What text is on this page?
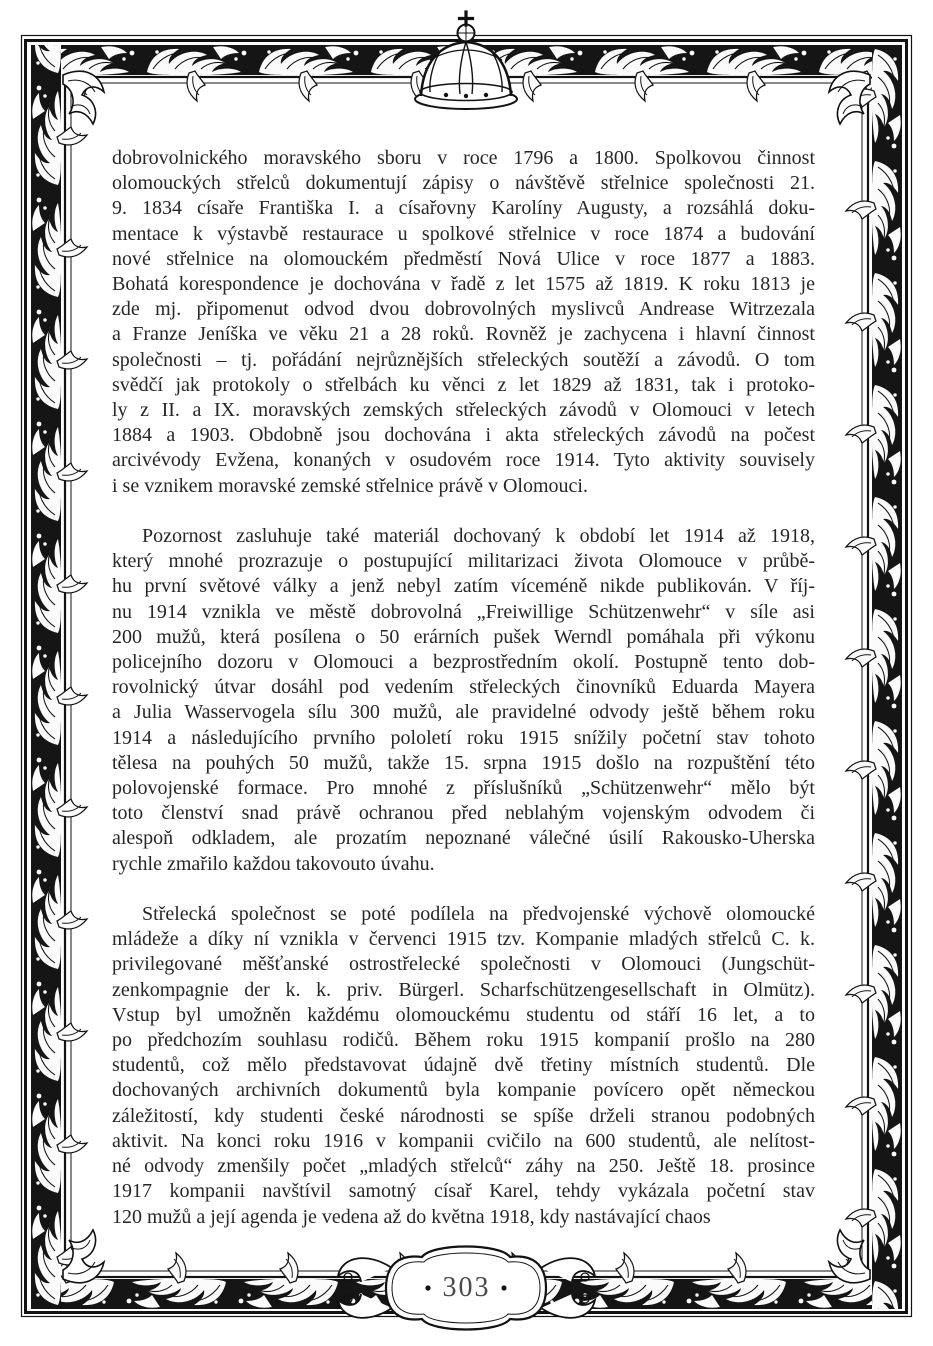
dobrovolnického moravského sboru v roce 1796 a 1800. Spolkovou činnost
olomouckých střelců dokumentují zápisy o návštěvě střelnice společnosti 21.
9. 1834 císaře Františka I. a císařovny Karolíny Augusty, a rozsáhlá doku-
mentace k výstavbě restaurace u spolkové střelnice v roce 1874 a budování
nové střelnice na olomouckém předměstí Nová Ulice v roce 1877 a 1883.
Bohatá korespondence je dochována v řadě z let 1575 až 1819. K roku 1813 je
zde mj. připomenut odvod dvou dobrovolných myslivců Andrease Witrzezala
a Franze Jeníška ve věku 21 a 28 roků. Rovněž je zachycena i hlavní činnost
společnosti – tj. pořádání nejrůznějších střeleckých soutěží a závodů. O tom
svědčí jak protokoly o střelbách ku věnci z let 1829 až 1831, tak i protoko-
ly z II. a IX. moravských zemských střeleckých závodů v Olomouci v letech
1884 a 1903. Obdobně jsou dochována i akta střeleckých závodů na počest
arcivévody Evžena, konaných v osudovém roce 1914. Tyto aktivity souvisely
i se vznikem moravské zemské střelnice právě v Olomouci.

Pozornost zasluhuje také materiál dochovaný k období let 1914 až 1918,
který mnohé prozrazuje o postupující militarizaci života Olomouce v průbě-
hu první světové války a jenž nebyl zatím víceméně nikde publikován. V říj-
nu 1914 vznikla ve městě dobrovolná „Freiwillige Schützenwehr“ v síle asi
200 mužů, která posílena o 50 erárních pušek Werndl pomáhala při výkonu
policejního dozoru v Olomouci a bezprostředním okolí. Postupně tento dob-
rovolnický útvar dosáhl pod vedením střeleckých činovníků Eduarda Mayera
a Julia Wasservogela sílu 300 mužů, ale pravidelné odvody ještě během roku
1914 a následujícího prvního pololetí roku 1915 snížily početní stav tohoto
tělesa na pouhých 50 mužů, takže 15. srpna 1915 došlo na rozpuštění této
polovojenské formace. Pro mnohé z příslušníků „Schützenwehr“ mělo být
toto členství snad právě ochranou před neblahým vojenským odvodem či
alespoň odkladem, ale prozatím nepoznané válečné úsilí Rakousko-Uherska
rychle zmařilo každou takovouto úvahu.

Střelecká společnost se poté podílela na předvojenské výchově olomoucké
mládeže a díky ní vznikla v červenci 1915 tzv. Kompanie mladých střelců C. k.
privilegované měšťanské ostrostřelecké společnosti v Olomouci (Jungschüt-
zenkompagnie der k. k. priv. Bürgerl. Scharfschützengesellschaft in Olmütz).
Vstup byl umožněn každému olomouckému studentu od stáří 16 let, a to
po předchozím souhlasu rodičů. Během roku 1915 kompanií prošlo na 280
studentů, což mělo představovat údajně dvě třetiny místních studentů. Dle
dochovaných archivních dokumentů byla kompanie povícero opět německou
záležitostí, kdy studenti české národnosti se spíše drželi stranou podobných
aktivit. Na konci roku 1916 v kompanii cvičilo na 600 studentů, ale nelítost-
né odvody zmenšily počet „mladých střelců“ záhy na 250. Ještě 18. prosince
1917 kompanii navštívil samotný císař Karel, tehdy vykázala početní stav
120 mužů a její agenda je vedena až do května 1918, kdy nastávající chaos

303
